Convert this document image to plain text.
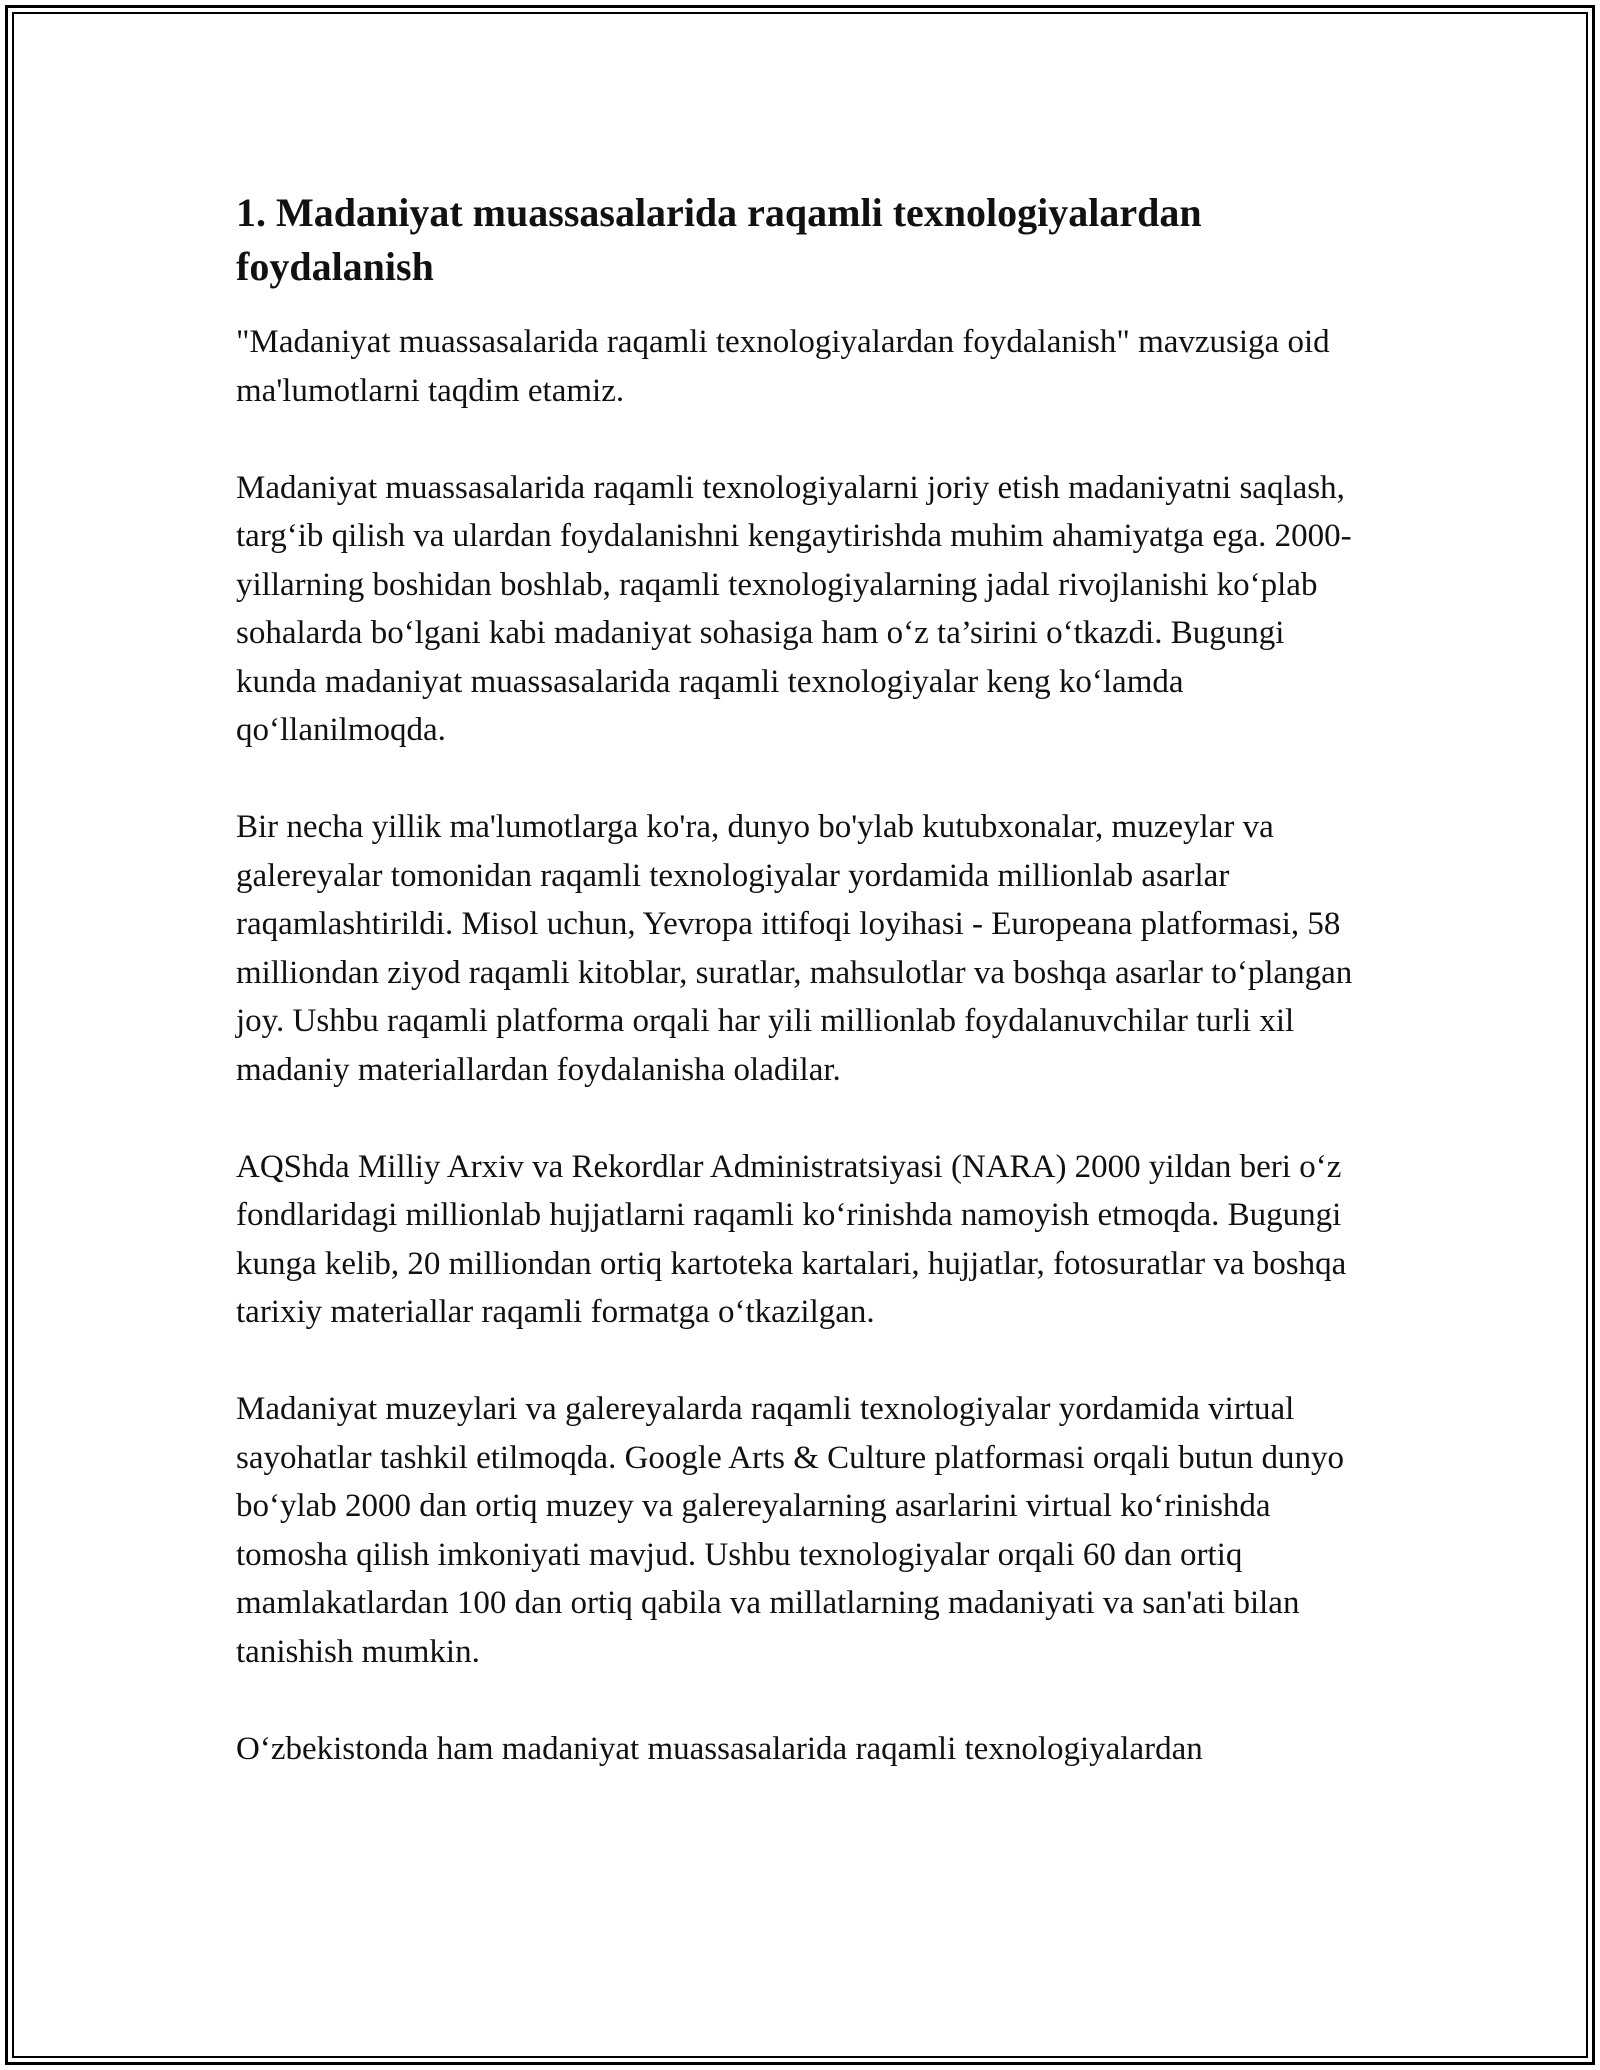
1. Madaniyat muassasalarida raqamli texnologiyalardan foydalanish

"Madaniyat muassasalarida raqamli texnologiyalardan foydalanish" mavzusiga oid ma'lumotlarni taqdim etamiz.

Madaniyat muassasalarida raqamli texnologiyalarni joriy etish madaniyatni saqlash, targ‘ib qilish va ulardan foydalanishni kengaytirishda muhim ahamiyatga ega. 2000-yillarning boshidan boshlab, raqamli texnologiyalarning jadal rivojlanishi ko‘plab sohalarda bo‘lgani kabi madaniyat sohasiga ham o‘z ta’sirini o‘tkazdi. Bugungi kunda madaniyat muassasalarida raqamli texnologiyalar keng ko‘lamda qo‘llanilmoqda.

Bir necha yillik ma'lumotlarga ko'ra, dunyo bo'ylab kutubxonalar, muzeylar va galereyalar tomonidan raqamli texnologiyalar yordamida millionlab asarlar raqamlashtirildi. Misol uchun, Yevropa ittifoqi loyihasi - Europeana platformasi, 58 milliondan ziyod raqamli kitoblar, suratlar, mahsulotlar va boshqa asarlar to‘plangan joy. Ushbu raqamli platforma orqali har yili millionlab foydalanuvchilar turli xil madaniy materiallardan foydalanisha oladilar.

AQShda Milliy Arxiv va Rekordlar Administratsiyasi (NARA) 2000 yildan beri o‘z fondlaridagi millionlab hujjatlarni raqamli ko‘rinishda namoyish etmoqda. Bugungi kunga kelib, 20 milliondan ortiq kartoteka kartalari, hujjatlar, fotosuratlar va boshqa tarixiy materiallar raqamli formatga o‘tkazilgan.

Madaniyat muzeylari va galereyalarda raqamli texnologiyalar yordamida virtual sayohatlar tashkil etilmoqda. Google Arts & Culture platformasi orqali butun dunyo bo‘ylab 2000 dan ortiq muzey va galereyalarning asarlarini virtual ko‘rinishda tomosha qilish imkoniyati mavjud. Ushbu texnologiyalar orqali 60 dan ortiq mamlakatlardan 100 dan ortiq qabila va millatlarning madaniyati va san'ati bilan tanishish mumkin.

O‘zbekistonda ham madaniyat muassasalarida raqamli texnologiyalardan
